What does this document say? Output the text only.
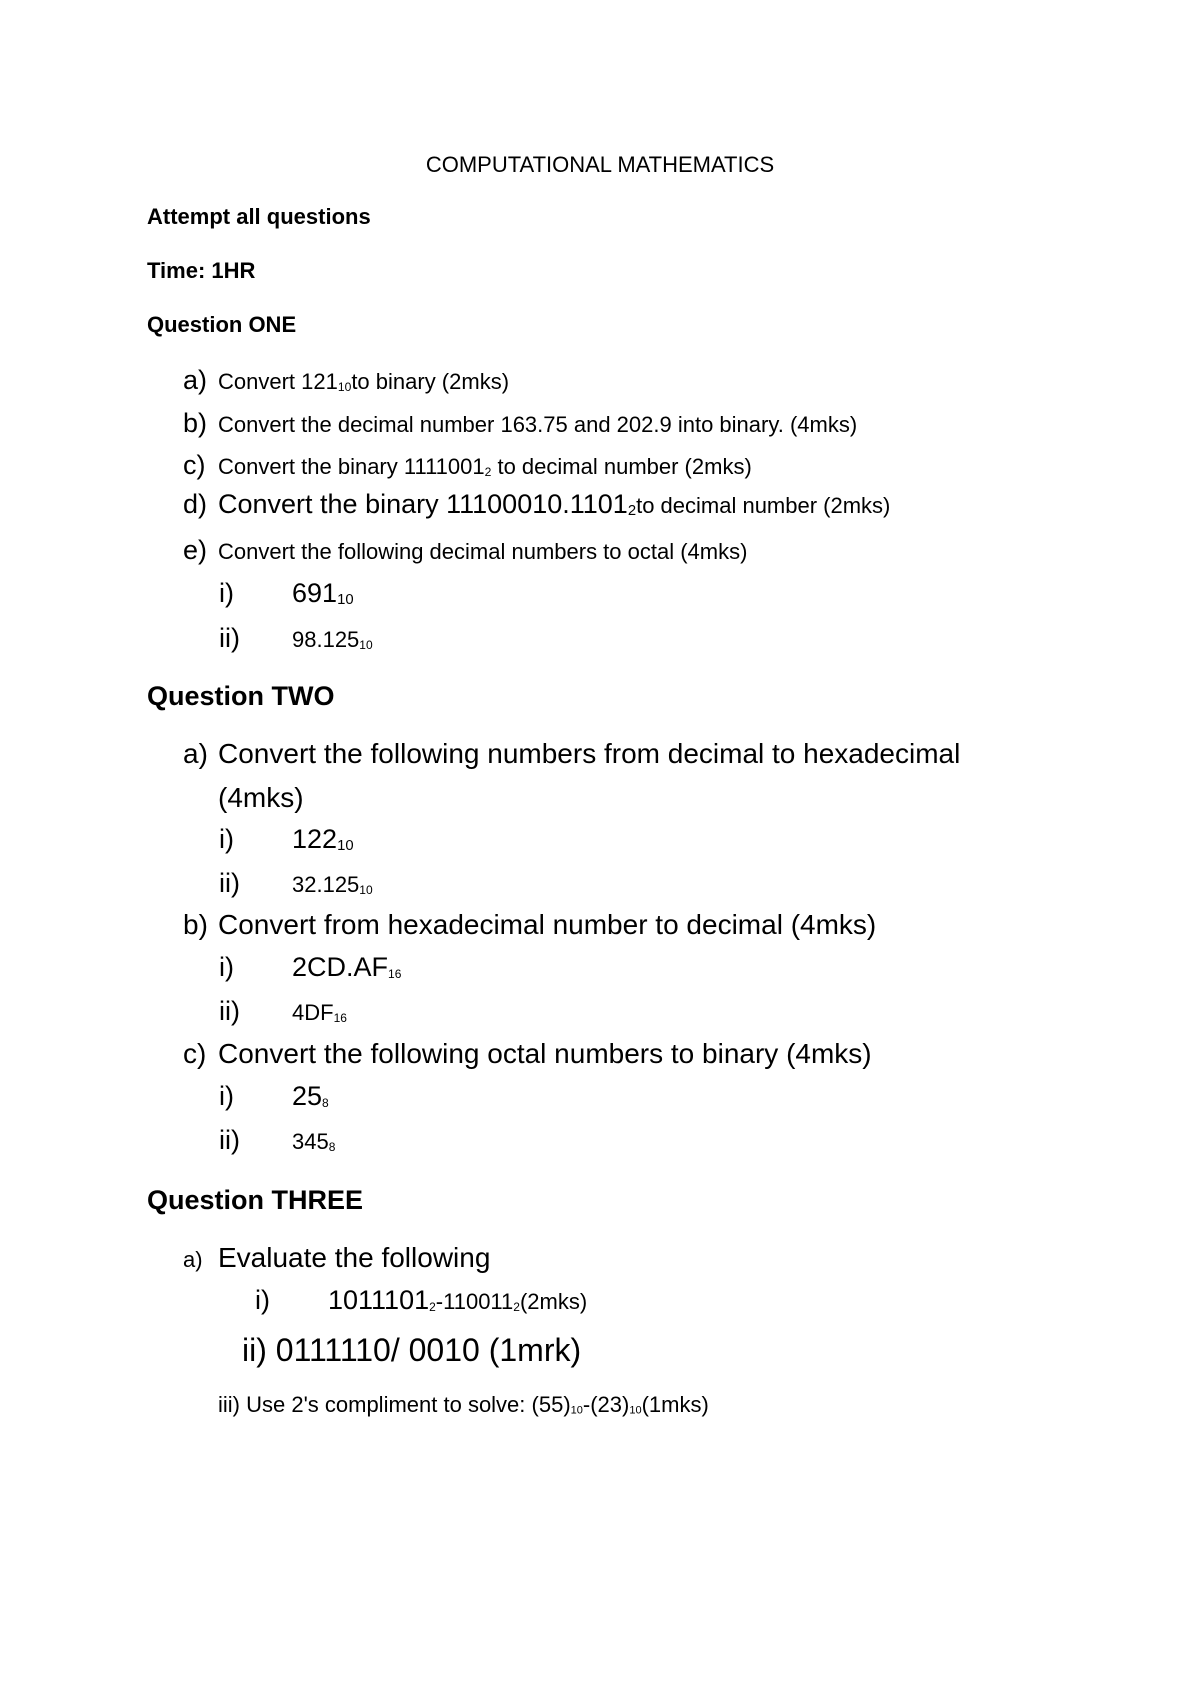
COMPUTATIONAL MATHEMATICS
Attempt all questions
Time: 1HR
Question ONE
a) Convert $121_{10}to$ binary (2mks)
b) Convert the decimal number 163.75 and 202.9 into binary. (4mks)
c) Convert the binary $1111001_2$ to decimal number (2mks)
d) Convert the binary $11100010.1101_2to$ decimal number (2mks)
e) Convert the following decimal numbers to octal (4mks)
i) $691_{10}$
ii) $98.125_{10}$
Question TWO
a) Convert the following numbers from decimal to hexadecimal
(4mks)
i) $122_{10}$
ii) $32.125_{10}$
b) Convert from hexadecimal number to decimal (4mks)
i) $2CD.AF_{16}$
ii) $4DF_{16}$
c) Convert the following octal numbers to binary (4mks)
i) $25_8$
ii) $345_8$
Question THREE
a) Evaluate the following
i) $1011101_2-110011_2(2mks)$
ii) 0111110/ 0010 (1mrk)
iii) Use 2's compliment to solve: $(55)_{10}-(23)_{10}(1mks)$
